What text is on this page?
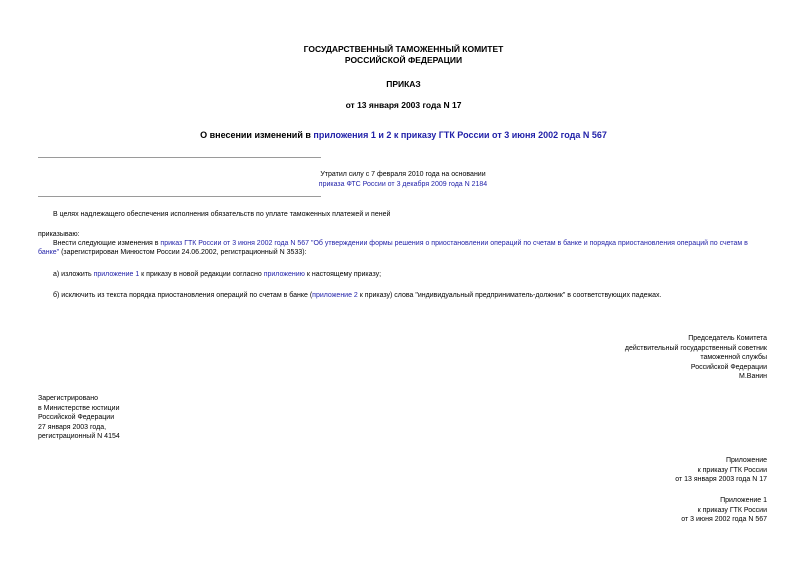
ГОСУДАРСТВЕННЫЙ ТАМОЖЕННЫЙ КОМИТЕТ
РОССИЙСКОЙ ФЕДЕРАЦИИ
ПРИКАЗ
от 13 января 2003 года N 17
О внесении изменений в приложения 1 и 2 к приказу ГТК России от 3 июня 2002 года N 567
Утратил силу с 7 февраля 2010 года на основании
приказа ФТС России от 3 декабря 2009 года N 2184
В целях надлежащего обеспечения исполнения обязательств по уплате таможенных платежей и пеней
приказываю:
Внести следующие изменения в приказ ГТК России от 3 июня 2002 года N 567 "Об утверждении формы решения о приостановлении операций по счетам в банке и порядка приостановления операций по счетам в
банке" (зарегистрирован Минюстом России 24.06.2002, регистрационный N 3533):
а) изложить приложение 1 к приказу в новой редакции согласно приложению к настоящему приказу;
б) исключить из текста порядка приостановления операций по счетам в банке (приложение 2 к приказу) слова "индивидуальный предприниматель-должник" в соответствующих падежах.
Председатель Комитета
действительный государственный советник
таможенной службы
Российской Федерации
М.Ванин
Зарегистрировано
в Министерстве юстиции
Российской Федерации
27 января 2003 года,
регистрационный N 4154
Приложение
к приказу ГТК России
от 13 января 2003 года N 17
Приложение 1
к приказу ГТК России
от 3 июня 2002 года N 567
